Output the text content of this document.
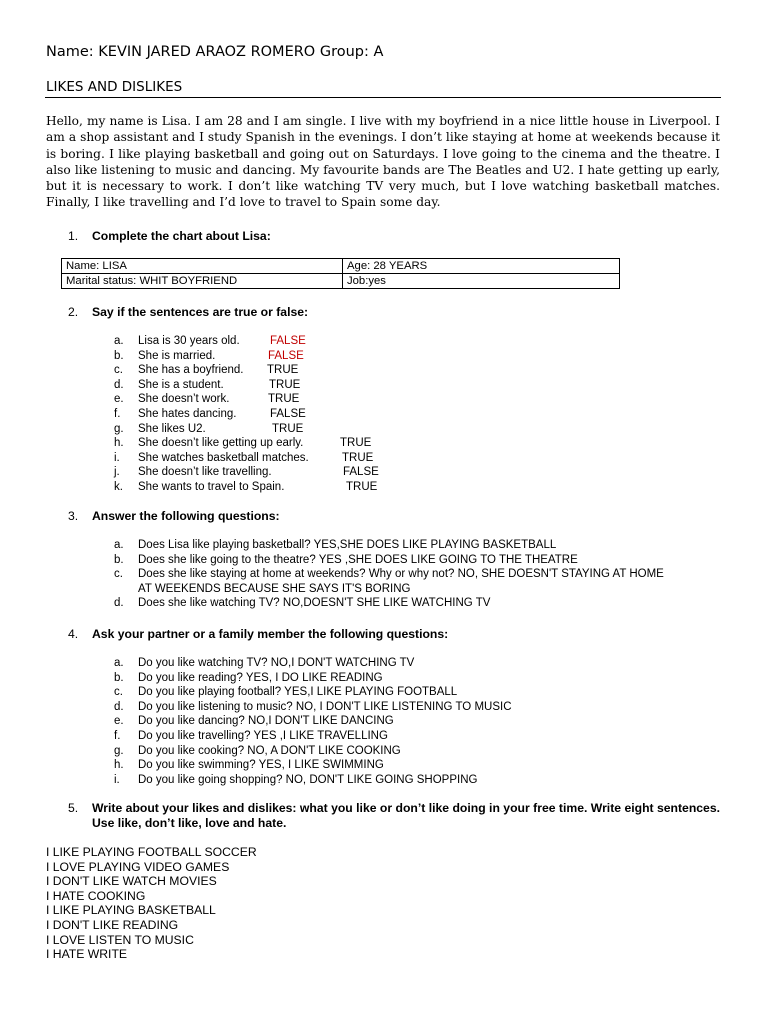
Name: KEVIN JARED ARAOZ ROMERO Group: A
LIKES AND DISLIKES
Hello, my name is Lisa. I am 28 and I am single. I live with my boyfriend in a nice little house in Liverpool. I am a shop assistant and I study Spanish in the evenings. I don’t like staying at home at weekends because it is boring. I like playing basketball and going out on Saturdays. I love going to the cinema and the theatre. I also like listening to music and dancing. My favourite bands are The Beatles and U2. I hate getting up early, but it is necessary to work. I don’t like watching TV very much, but I love watching basketball matches. Finally, I like travelling and I’d love to travel to Spain some day.
1. Complete the chart about Lisa:
Name: LISA	Age: 28 YEARS
Marital status: WHIT BOYFRIEND	Job:yes
2. Say if the sentences are true or false:
a. Lisa is 30 years old.	FALSE
b. She is married.	FALSE
c. She has a boyfriend. TRUE
d. She is a student.	TRUE
e. She doesn’t work.	TRUE
f. She hates dancing.	FALSE
g. She likes U2.	TRUE
h. She doesn’t like getting up early.	TRUE
i. She watches basketball matches.	TRUE
j. She doesn’t like travelling.	FALSE
k. She wants to travel to Spain.	TRUE
3. Answer the following questions:
a. Does Lisa like playing basketball? YES,SHE DOES LIKE PLAYING BASKETBALL
b. Does she like going to the theatre? YES ,SHE DOES LIKE GOING TO THE THEATRE
c. Does she like staying at home at weekends? Why or why not? NO, SHE DOESN'T STAYING AT HOME
AT WEEKENDS BECAUSE SHE SAYS IT'S BORING
d. Does she like watching TV? NO,DOESN'T SHE LIKE WATCHING TV
4. Ask your partner or a family member the following questions:
a. Do you like watching TV? NO,I DON'T WATCHING TV
b. Do you like reading? YES, I DO LIKE READING
c. Do you like playing football? YES,I LIKE PLAYING FOOTBALL
d. Do you like listening to music? NO, I DON'T LIKE LISTENING TO MUSIC
e. Do you like dancing? NO,I DON'T LIKE DANCING
f. Do you like travelling? YES ,I LIKE TRAVELLING
g. Do you like cooking? NO, A DON'T LIKE COOKING
h. Do you like swimming? YES, I LIKE SWIMMING
i. Do you like going shopping? NO, DON'T LIKE GOING SHOPPING
5. Write about your likes and dislikes: what you like or don’t like doing in your free time. Write eight sentences. Use like, don’t like, love and hate.
I LIKE PLAYING FOOTBALL SOCCER
I LOVE PLAYING VIDEO GAMES
I DON'T LIKE WATCH MOVIES
I HATE COOKING
I LIKE PLAYING BASKETBALL
I DON'T LIKE READING
I LOVE LISTEN TO MUSIC
I HATE WRITE
